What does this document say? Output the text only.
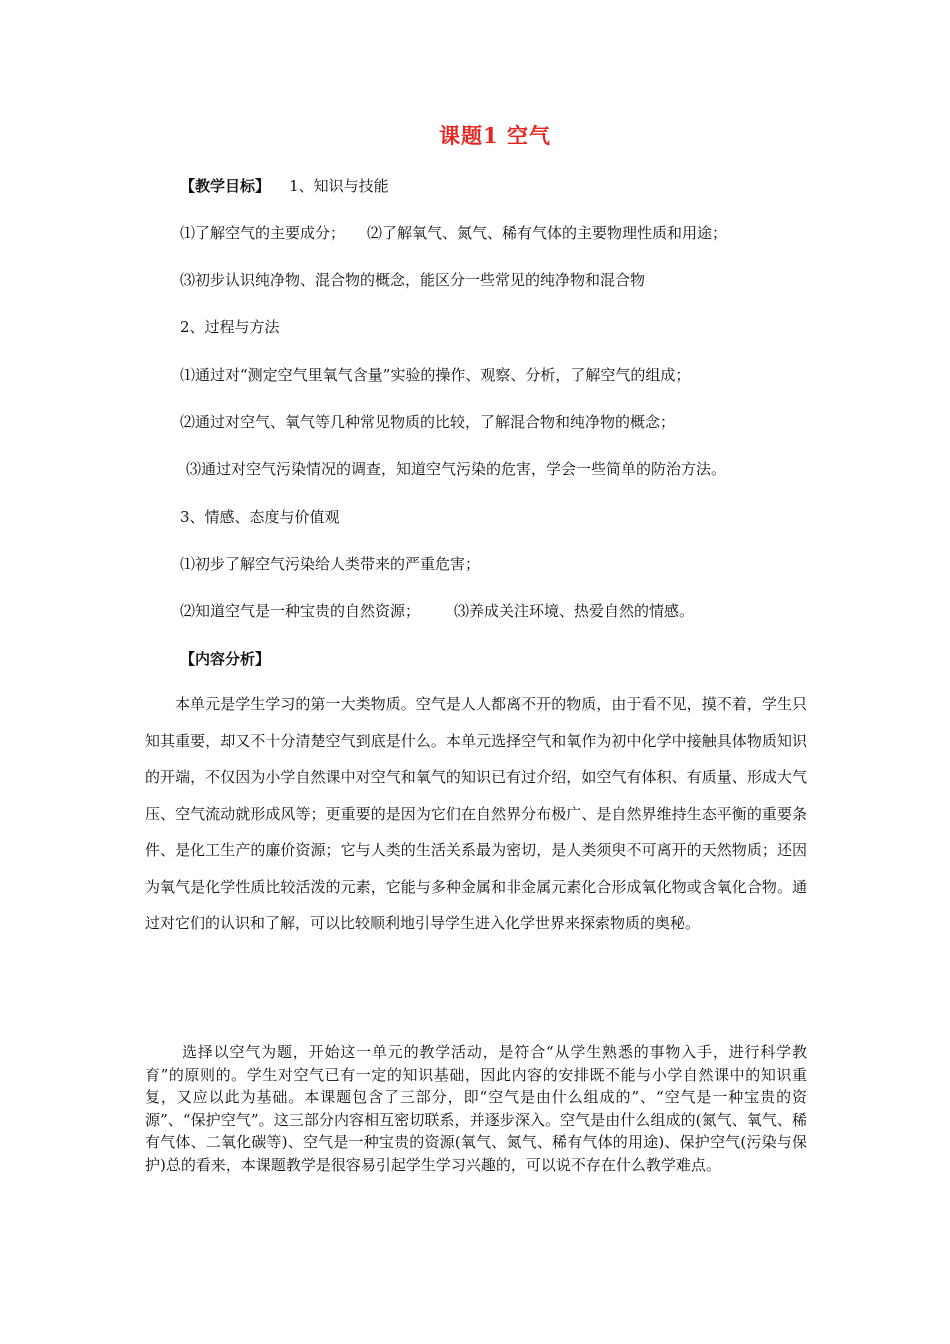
课题1 空气
【教学目标】 1、知识与技能
⑴了解空气的主要成分； ⑵了解氧气、氮气、稀有气体的主要物理性质和用途；
⑶初步认识纯净物、混合物的概念，能区分一些常见的纯净物和混合物
2、过程与方法
⑴通过对“测定空气里氧气含量”实验的操作、观察、分析，了解空气的组成；
⑵通过对空气、氧气等几种常见物质的比较，了解混合物和纯净物的概念；
⑶通过对空气污染情况的调查，知道空气污染的危害，学会一些简单的防治方法。
3、情感、态度与价值观
⑴初步了解空气污染给人类带来的严重危害；
⑵知道空气是一种宝贵的自然资源； ⑶养成关注环境、热爱自然的情感。
【内容分析】
本单元是学生学习的第一大类物质。空气是人人都离不开的物质，由于看不见，摸不着，学生只知其重要，却又不十分清楚空气到底是什么。本单元选择空气和氧作为初中化学中接触具体物质知识的开端，不仅因为小学自然课中对空气和氧气的知识已有过介绍，如空气有体积、有质量、形成大气压、空气流动就形成风等；更重要的是因为它们在自然界分布极广、是自然界维持生态平衡的重要条件、是化工生产的廉价资源；它与人类的生活关系最为密切，是人类须臾不可离开的天然物质；还因为氧气是化学性质比较活泼的元素，它能与多种金属和非金属元素化合形成氧化物或含氧化合物。通过对它们的认识和了解，可以比较顺利地引导学生进入化学世界来探索物质的奥秘。
选择以空气为题，开始这一单元的教学活动，是符合“从学生熟悉的事物入手，进行科学教育”的原则的。学生对空气已有一定的知识基础，因此内容的安排既不能与小学自然课中的知识重复，又应以此为基础。本课题包含了三部分，即“空气是由什么组成的”、“空气是一种宝贵的资源”、“保护空气”。这三部分内容相互密切联系，并逐步深入。空气是由什么组成的(氮气、氧气、稀有气体、二氧化碳等)、空气是一种宝贵的资源(氧气、氮气、稀有气体的用途)、保护空气(污染与保护)总的看来，本课题教学是很容易引起学生学习兴趣的，可以说不存在什么教学难点。
